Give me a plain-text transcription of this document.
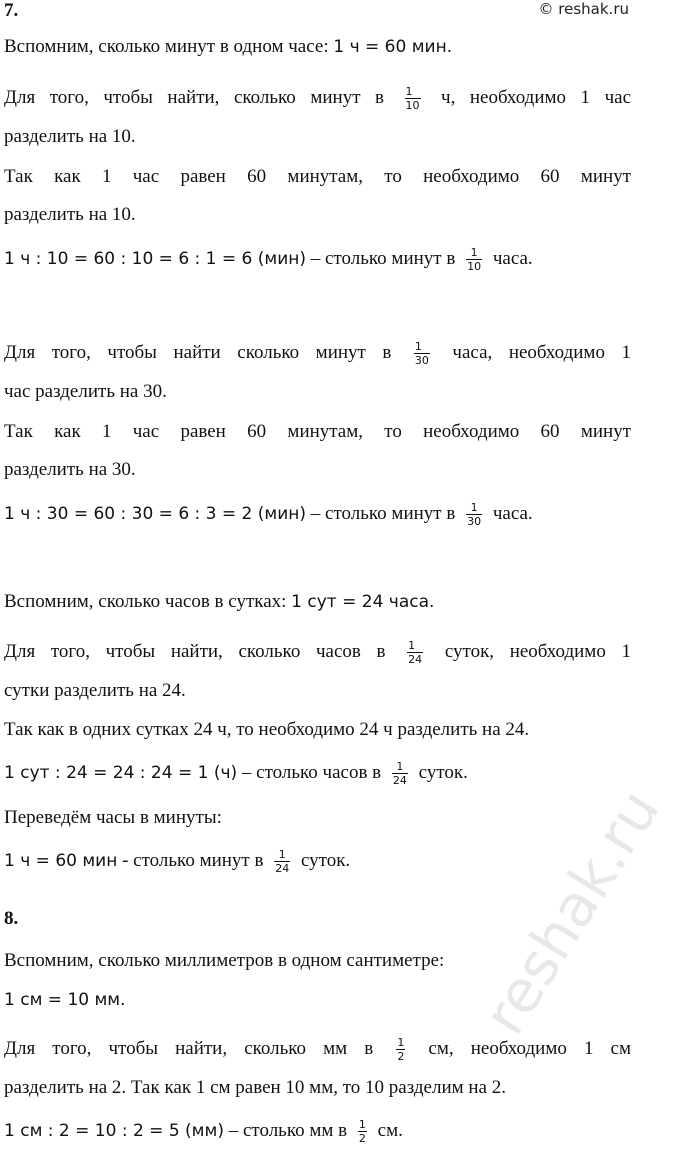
7.	© reshak.ru
Вспомним, сколько минут в одном часе: 1 ч = 60 мин.
Для того, чтобы найти, сколько минут в $\frac{1}{10} ч$, необходимо 1 час
разделить на 10.
Так как 1 час равен 60 минутам, то необходимо 60 минут
разделить на 10.
1 ч : 10 = 60 : 10 = 6 : 1 = 6 (мин) – столько минут в $\frac{1}{10}$ часа.
Для того, чтобы найти сколько минут в $\frac{1}{30}$ часа, необходимо 1
час разделить на 30.
Так как 1 час равен 60 минутам, то необходимо 60 минут
разделить на 30.
1 ч : 30 = 60 : 30 = 6 : 3 = 2 (мин) – столько минут в $\frac{1}{30}$ часа.
Вспомним, сколько часов в сутках: 1 сут = 24 часа.
Для того, чтобы найти, сколько часов в $\frac{1}{24}$ суток, необходимо 1
сутки разделить на 24.
Так как в одних сутках 24 ч, то необходимо 24 ч разделить на 24.
1 сут : 24 = 24 : 24 = 1 (ч) – столько часов в $\frac{1}{24}$ суток.
Переведём часы в минуты:
1 ч = 60 мин - столько минут в $\frac{1}{24}$ суток.
8.
Вспомним, сколько миллиметров в одном сантиметре:
1 см = 10 мм.
Для того, чтобы найти, сколько мм в $\frac{1}{2}$ см, необходимо 1 см
разделить на 2. Так как 1 см равен 10 мм, то 10 разделим на 2.
1 см : 2 = 10 : 2 = 5 (мм) – столько мм в $\frac{1}{2}$ см.
reshak.ru
